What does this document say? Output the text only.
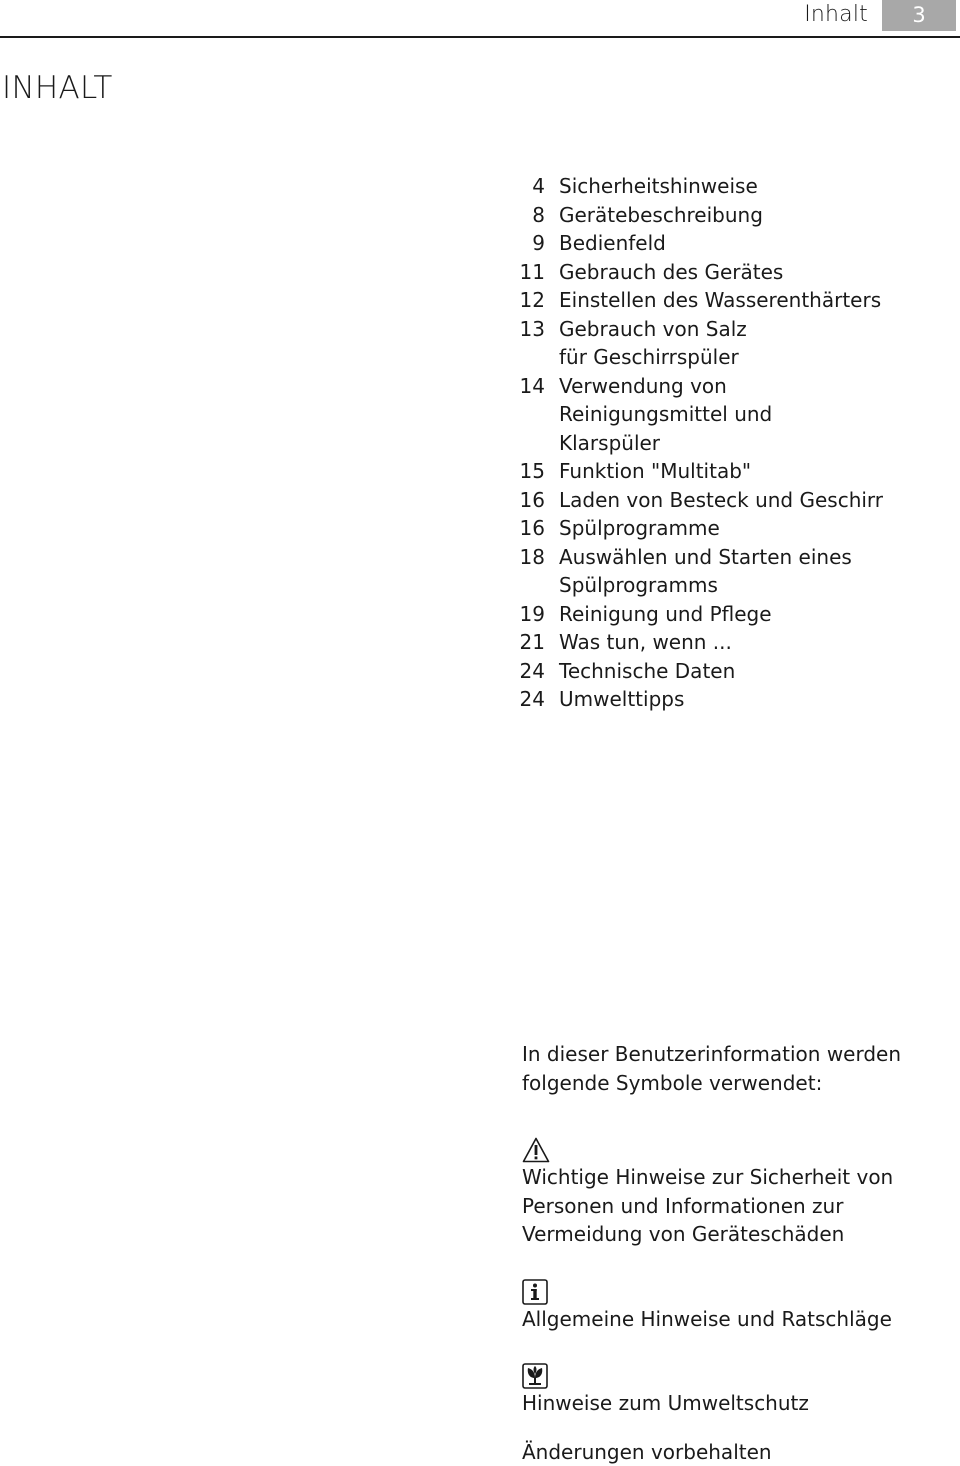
Inhalt	3
INHALT
4 Sicherheitshinweise
8 Gerätebeschreibung
9 Bedienfeld
11 Gebrauch des Gerätes
12 Einstellen des Wasserenthärters
13 Gebrauch von Salz für Geschirrspüler
14 Verwendung von Reinigungsmittel und Klarspüler
15 Funktion "Multitab"
16 Laden von Besteck und Geschirr
16 Spülprogramme
18 Auswählen und Starten eines Spülprogramms
19 Reinigung und Pflege
21 Was tun, wenn ...
24 Technische Daten
24 Umwelttipps

In dieser Benutzerinformation werden folgende Symbole verwendet:

Wichtige Hinweise zur Sicherheit von Personen und Informationen zur Vermeidung von Geräteschäden

Allgemeine Hinweise und Ratschläge

Hinweise zum Umweltschutz

Änderungen vorbehalten
